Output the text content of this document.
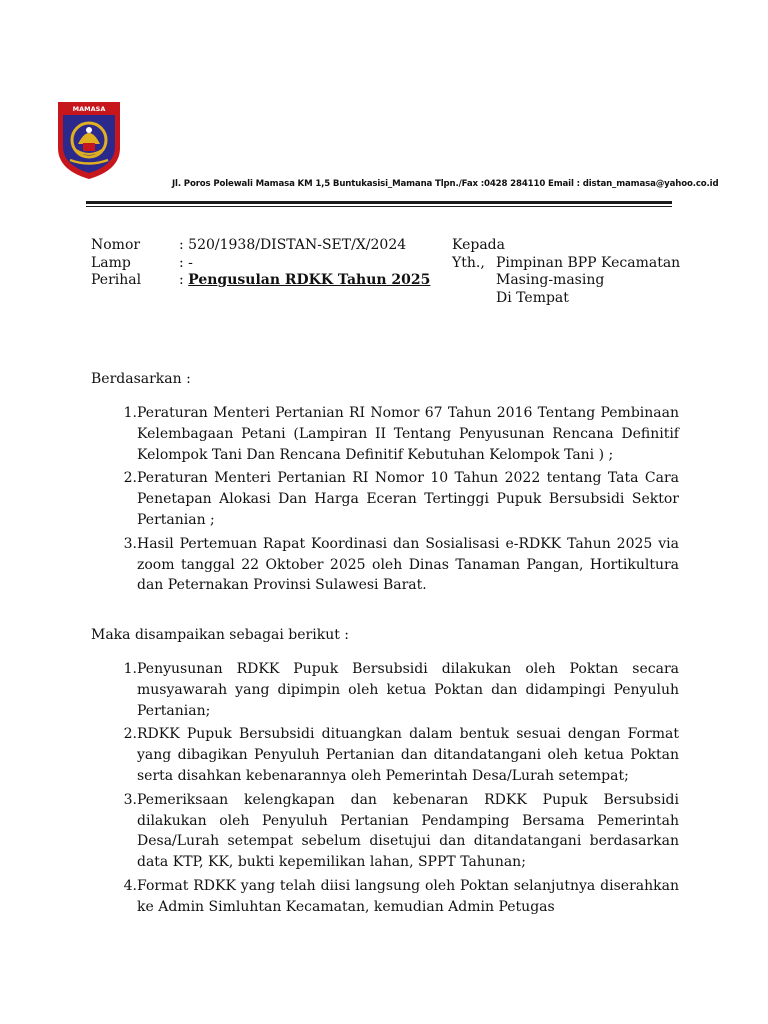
MAMASA
Jl. Poros Polewali Mamasa KM 1,5 Buntukasisi_Mamana Tlpn./Fax :0428 284110 Email : distan_mamasa@yahoo.co.id
Nomor	: 520/1938/DISTAN-SET/X/2024
Lamp	: -
Perihal	: Pengusulan RDKK Tahun 2025
Kepada
Yth., Pimpinan BPP Kecamatan
Masing-masing
Di Tempat
Berdasarkan :
1. Peraturan Menteri Pertanian RI Nomor 67 Tahun 2016 Tentang Pembinaan Kelembagaan Petani (Lampiran II Tentang Penyusunan Rencana Definitif Kelompok Tani Dan Rencana Definitif Kebutuhan Kelompok Tani ) ;
2. Peraturan Menteri Pertanian RI Nomor 10 Tahun 2022 tentang Tata Cara Penetapan Alokasi Dan Harga Eceran Tertinggi Pupuk Bersubsidi Sektor Pertanian ;
3. Hasil Pertemuan Rapat Koordinasi dan Sosialisasi e-RDKK Tahun 2025 via zoom tanggal 22 Oktober 2025 oleh Dinas Tanaman Pangan, Hortikultura dan Peternakan Provinsi Sulawesi Barat.
Maka disampaikan sebagai berikut :
1. Penyusunan RDKK Pupuk Bersubsidi dilakukan oleh Poktan secara musyawarah yang dipimpin oleh ketua Poktan dan didampingi Penyuluh Pertanian;
2. RDKK Pupuk Bersubsidi dituangkan dalam bentuk sesuai dengan Format yang dibagikan Penyuluh Pertanian dan ditandatangani oleh ketua Poktan serta disahkan kebenarannya oleh Pemerintah Desa/Lurah setempat;
3. Pemeriksaan kelengkapan dan kebenaran RDKK Pupuk Bersubsidi dilakukan oleh Penyuluh Pertanian Pendamping Bersama Pemerintah Desa/Lurah setempat sebelum disetujui dan ditandatangani berdasarkan data KTP, KK, bukti kepemilikan lahan, SPPT Tahunan;
4. Format RDKK yang telah diisi langsung oleh Poktan selanjutnya diserahkan ke Admin Simluhtan Kecamatan, kemudian Admin Petugas
